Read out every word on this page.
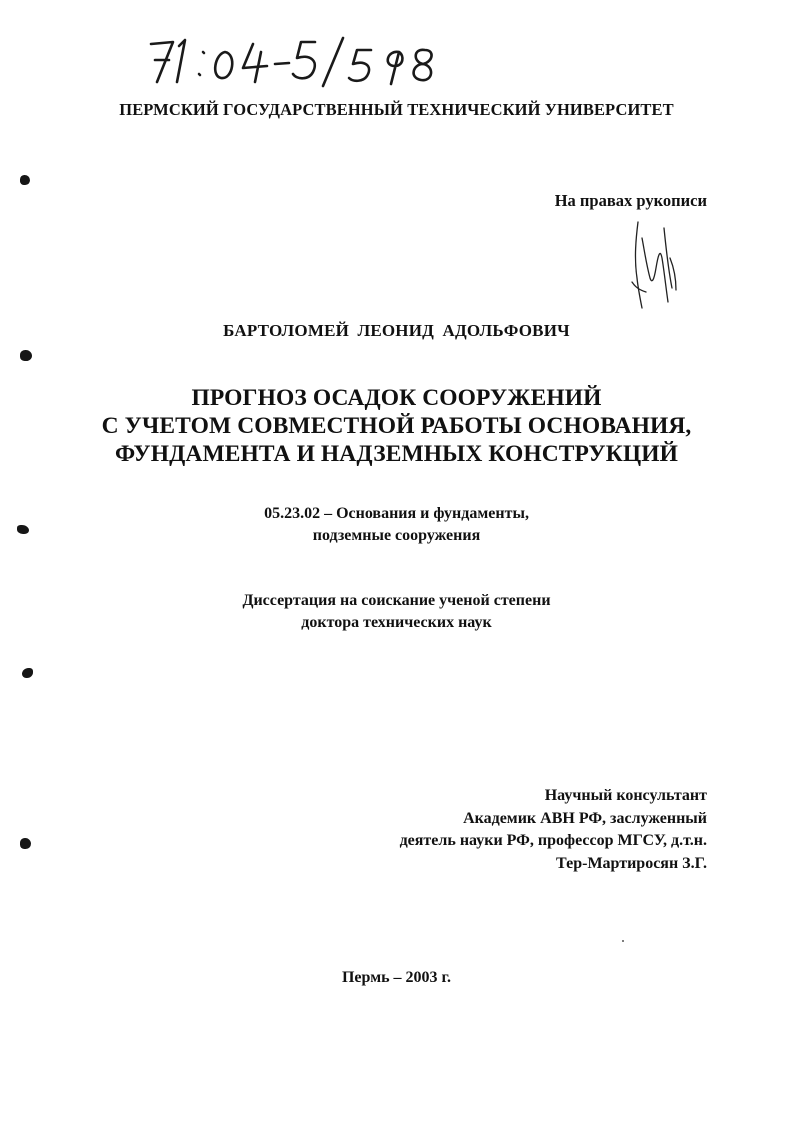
ПЕРМСКИЙ ГОСУДАРСТВЕННЫЙ ТЕХНИЧЕСКИЙ УНИВЕРСИТЕТ
На правах рукописи
БАРТОЛОМЕЙ ЛЕОНИД АДОЛЬФОВИЧ
ПРОГНОЗ ОСАДОК СООРУЖЕНИЙ
С УЧЕТОМ СОВМЕСТНОЙ РАБОТЫ ОСНОВАНИЯ,
ФУНДАМЕНТА И НАДЗЕМНЫХ КОНСТРУКЦИЙ
05.23.02 – Основания и фундаменты,
подземные сооружения
Диссертация на соискание ученой степени
доктора технических наук
Научный консультант
Академик АВН РФ, заслуженный
деятель науки РФ, профессор МГСУ, д.т.н.
Тер-Мартиросян З.Г.
Пермь – 2003 г.
